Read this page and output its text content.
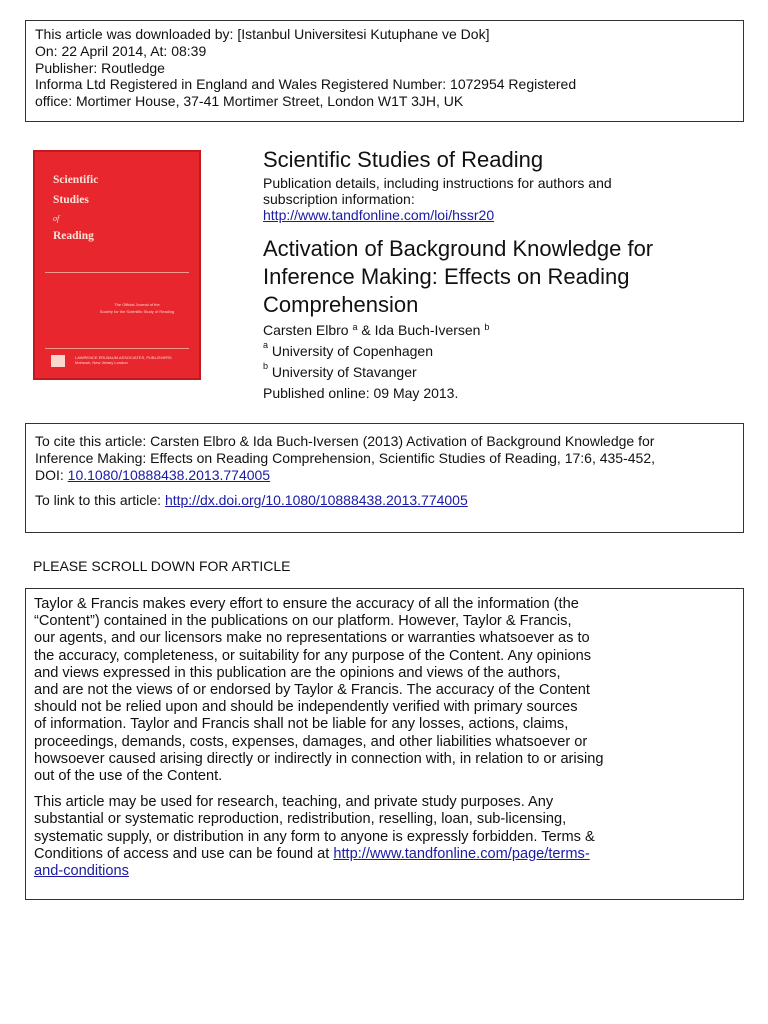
This article was downloaded by: [Istanbul Universitesi Kutuphane ve Dok]
On: 22 April 2014, At: 08:39
Publisher: Routledge
Informa Ltd Registered in England and Wales Registered Number: 1072954 Registered
office: Mortimer House, 37-41 Mortimer Street, London W1T 3JH, UK
Scientific
Studies
of
Reading
The Official Journal of the
Society for the Scientific Study of Reading
LAWRENCE ERLBAUM ASSOCIATES, PUBLISHERS
Mahwah, New Jersey London
Scientific Studies of Reading
Publication details, including instructions for authors and
subscription information:
http://www.tandfonline.com/loi/hssr20
Activation of Background Knowledge for
Inference Making: Effects on Reading
Comprehension
Carsten Elbro $^a$ & Ida Buch-Iversen $^b$
$^a$ University of Copenhagen
$^b$ University of Stavanger
Published online: 09 May 2013.
To cite this article: Carsten Elbro & Ida Buch-Iversen (2013) Activation of Background Knowledge for
Inference Making: Effects on Reading Comprehension, Scientific Studies of Reading, 17:6, 435-452,
DOI: 10.1080/10888438.2013.774005
To link to this article: http://dx.doi.org/10.1080/10888438.2013.774005
PLEASE SCROLL DOWN FOR ARTICLE
Taylor & Francis makes every effort to ensure the accuracy of all the information (the
“Content”) contained in the publications on our platform. However, Taylor & Francis,
our agents, and our licensors make no representations or warranties whatsoever as to
the accuracy, completeness, or suitability for any purpose of the Content. Any opinions
and views expressed in this publication are the opinions and views of the authors,
and are not the views of or endorsed by Taylor & Francis. The accuracy of the Content
should not be relied upon and should be independently verified with primary sources
of information. Taylor and Francis shall not be liable for any losses, actions, claims,
proceedings, demands, costs, expenses, damages, and other liabilities whatsoever or
howsoever caused arising directly or indirectly in connection with, in relation to or arising
out of the use of the Content.
This article may be used for research, teaching, and private study purposes. Any
substantial or systematic reproduction, redistribution, reselling, loan, sub-licensing,
systematic supply, or distribution in any form to anyone is expressly forbidden. Terms &
Conditions of access and use can be found at http://www.tandfonline.com/page/terms-
and-conditions
